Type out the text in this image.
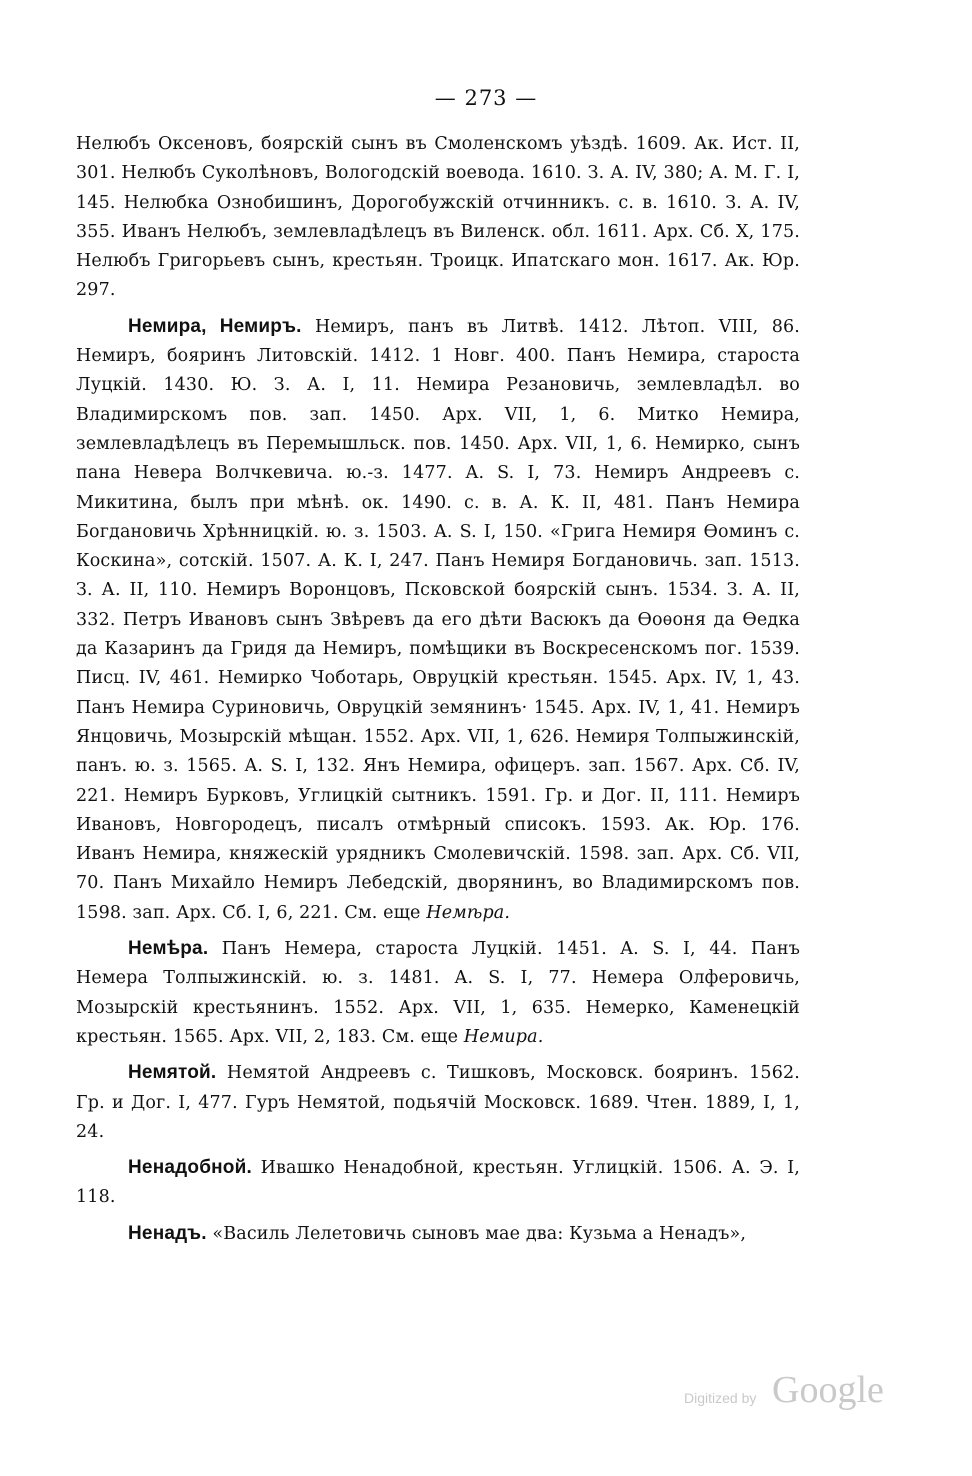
— 273 —

Нелюбъ Оксеновъ, боярскій сынъ въ Смоленскомъ уѣздѣ. 1609. Ак. Ист. II, 301. Нелюбъ Суколѣновъ, Вологодскій воевода. 1610. З. А. IV, 380; А. М. Г. I, 145. Нелюбка Ознобишинъ, Дорогобужскій отчинникъ. с. в. 1610. З. А. IV, 355. Иванъ Нелюбъ, землевладѣлецъ въ Виленск. обл. 1611. Арх. Сб. X, 175. Нелюбъ Григорьевъ сынъ, крестьян. Троицк. Ипатскаго мон. 1617. Ак. Юр. 297.

Немира, Немиръ. Немиръ, панъ въ Литвѣ. 1412. Лѣтоп. VIII, 86. Немиръ, бояринъ Литовскій. 1412. 1 Новг. 400. Панъ Немира, староста Луцкій. 1430. Ю. З. А. I, 11. Немира Резановичь, землевладѣл. во Владимирскомъ пов. зап. 1450. Арх. VII, 1, 6. Митко Немира, землевладѣлецъ въ Перемышльск. пов. 1450. Арх. VII, 1, 6. Немирко, сынъ пана Невера Волчкевича. ю.-з. 1477. A. S. I, 73. Немиръ Андреевъ с. Микитина, былъ при мѣнѣ. ок. 1490. с. в. А. К. II, 481. Панъ Немира Богдановичь Хрѣнницкій. ю. з. 1503. A. S. I, 150. «Грига Немиря Ѳоминъ с. Коскина», сотскій. 1507. А. К. I, 247. Панъ Немиря Богдановичь. зап. 1513. З. А. II, 110. Немиръ Воронцовъ, Псковской боярскій сынъ. 1534. З. А. II, 332. Петръ Ивановъ сынъ Звѣревъ да его дѣти Васюкъ да Ѳоѳоня да Ѳедка да Казаринъ да Гридя да Немиръ, помѣщики въ Воскресенскомъ пог. 1539. Писц. IV, 461. Немирко Чоботарь, Овруцкій крестьян. 1545. Арх. IV, 1, 43. Панъ Немира Суриновичь, Овруцкій земянинъ· 1545. Арх. IV, 1, 41. Немиръ Янцовичь, Мозырскій мѣщан. 1552. Арх. VII, 1, 626. Немиря Толпыжинскій, панъ. ю. з. 1565. A. S. I, 132. Янъ Немира, офицеръ. зап. 1567. Арх. Сб. IV, 221. Немиръ Бурковъ, Углицкій сытникъ. 1591. Гр. и Дог. II, 111. Немиръ Ивановъ, Новгородецъ, писалъ отмѣрный списокъ. 1593. Ак. Юр. 176. Иванъ Немира, княжескій урядникъ Смолевичскій. 1598. зап. Арх. Сб. VII, 70. Панъ Михайло Немиръ Лебедскій, дворянинъ, во Владимирскомъ пов. 1598. зап. Арх. Сб. I, 6, 221. См. еще Немѣра.

Немѣра. Панъ Немера, староста Луцкій. 1451. A. S. I, 44. Панъ Немера Толпыжинскій. ю. з. 1481. A. S. I, 77. Немера Олферовичь, Мозырскій крестьянинъ. 1552. Арх. VII, 1, 635. Немерко, Каменецкій крестьян. 1565. Арх. VII, 2, 183. См. еще Немира.

Немятой. Немятой Андреевъ с. Тишковъ, Московск. бояринъ. 1562. Гр. и Дог. I, 477. Гуръ Немятой, подьячій Московск. 1689. Чтен. 1889, I, 1, 24.

Ненадобной. Ивашко Ненадобной, крестьян. Углицкій. 1506. А. Э. I, 118.

Ненадъ. «Василь Лелетовичь сыновъ мае два: Кузьма а Ненадъ»,

Digitized by Google
